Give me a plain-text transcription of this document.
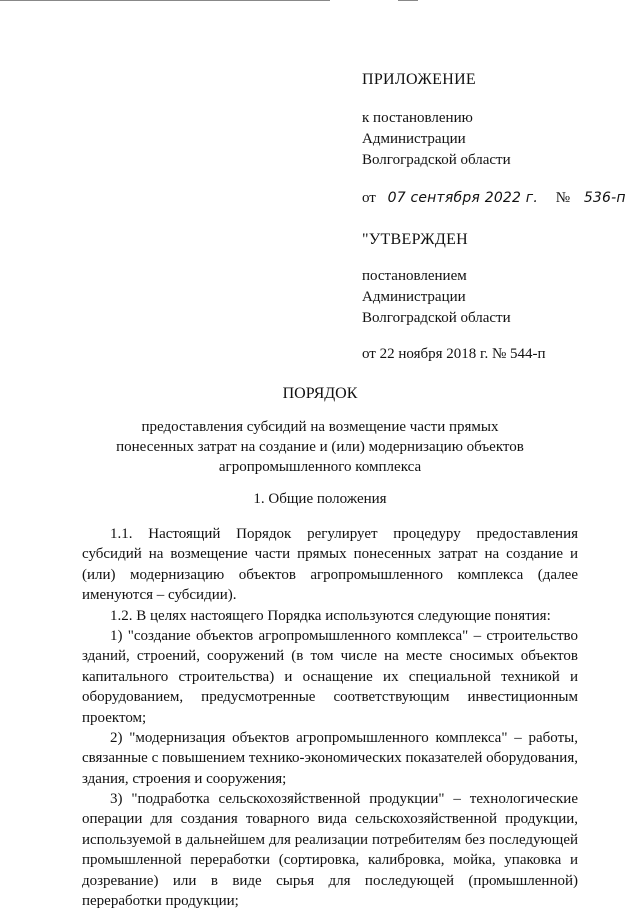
ПРИЛОЖЕНИЕ
к постановлению
Администрации
Волгоградской области
от 07 сентября 2022 г. № 536-п
"УТВЕРЖДЕН
постановлением
Администрации
Волгоградской области
от 22 ноября 2018 г. № 544-п
ПОРЯДОК
предоставления субсидий на возмещение части прямых
понесенных затрат на создание и (или) модернизацию объектов
агропромышленного комплекса
1. Общие положения

1.1. Настоящий Порядок регулирует процедуру предоставления субсидий на возмещение части прямых понесенных затрат на создание и (или) модернизацию объектов агропромышленного комплекса (далее именуются – субсидии).

1.2. В целях настоящего Порядка используются следующие понятия:

1) "создание объектов агропромышленного комплекса" – строительство зданий, строений, сооружений (в том числе на месте сносимых объектов капитального строительства) и оснащение их специальной техникой и оборудованием, предусмотренные соответствующим инвестиционным проектом;

2) "модернизация объектов агропромышленного комплекса" – работы, связанные с повышением технико-экономических показателей оборудования, здания, строения и сооружения;

3) "подработка сельскохозяйственной продукции" – технологические операции для создания товарного вида сельскохозяйственной продукции, используемой в дальнейшем для реализации потребителям без последующей промышленной переработки (сортировка, калибровка, мойка, упаковка и дозревание) или в виде сырья для последующей (промышленной) переработки продукции;
